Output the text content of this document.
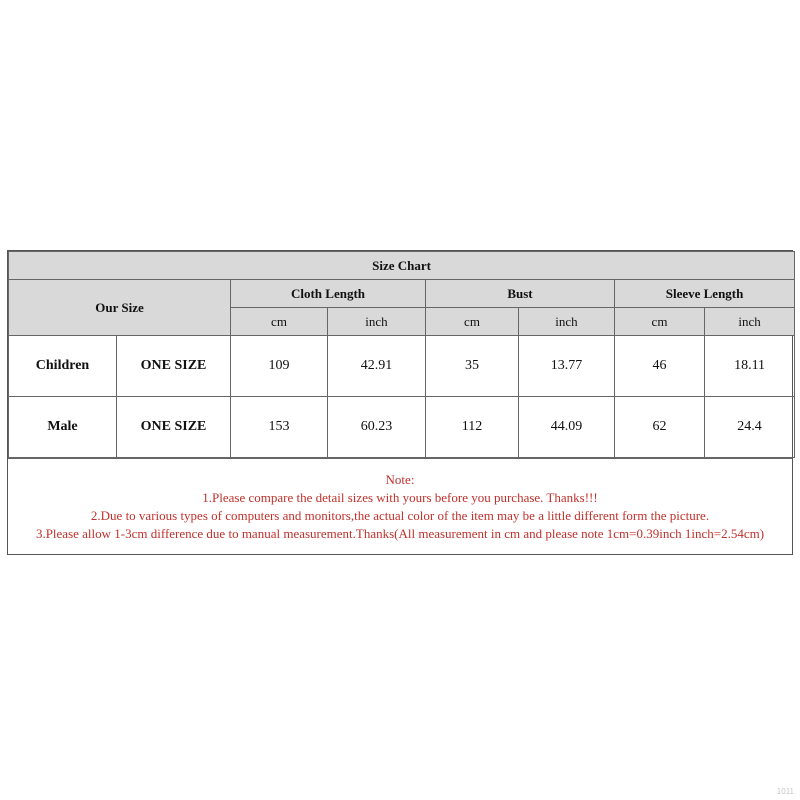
Size Chart							
Our Size		Cloth Length		Bust		Sleeve Length	
		cm	inch	cm	inch	cm	inch
Children	ONE SIZE	109	42.91	35	13.77	46	18.11
Male	ONE SIZE	153	60.23	112	44.09	62	24.4
Note:
1.Please compare the detail sizes with yours before you purchase. Thanks!!!
2.Due to various types of computers and monitors,the actual color of the item may be a little different form the picture.
3.Please allow 1-3cm difference due to manual measurement.Thanks(All measurement in cm and please note 1cm=0.39inch 1inch=2.54cm)
1011
